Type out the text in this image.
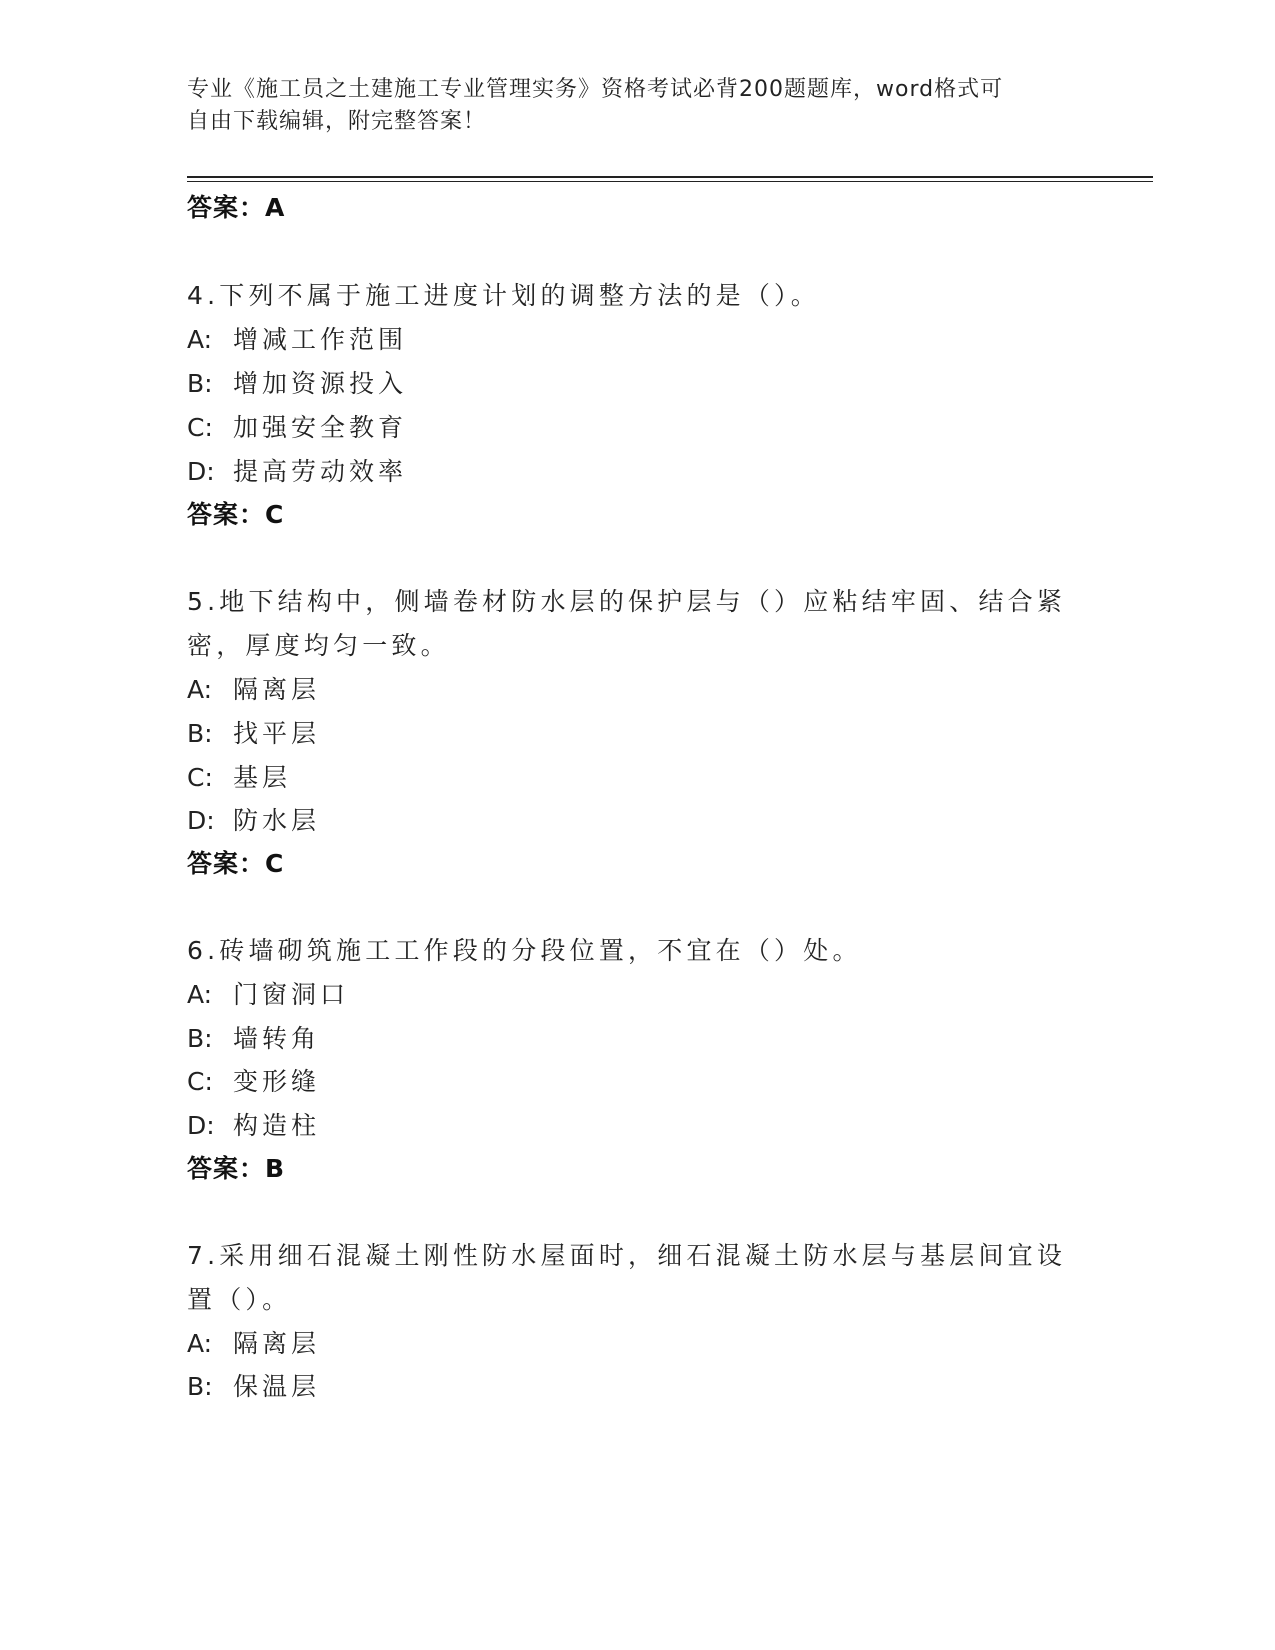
专业《施工员之土建施工专业管理实务》资格考试必背200题题库，word格式可
自由下载编辑，附完整答案！
答案：A
4.下列不属于施工进度计划的调整方法的是（）。
A: 增减工作范围
B: 增加资源投入
C: 加强安全教育
D: 提高劳动效率
答案：C
5.地下结构中，侧墙卷材防水层的保护层与（）应粘结牢固、结合紧
密，厚度均匀一致。
A: 隔离层
B: 找平层
C: 基层
D: 防水层
答案：C
6.砖墙砌筑施工工作段的分段位置，不宜在（）处。
A: 门窗洞口
B: 墙转角
C: 变形缝
D: 构造柱
答案：B
7.采用细石混凝土刚性防水屋面时，细石混凝土防水层与基层间宜设
置（）。
A: 隔离层
B: 保温层
